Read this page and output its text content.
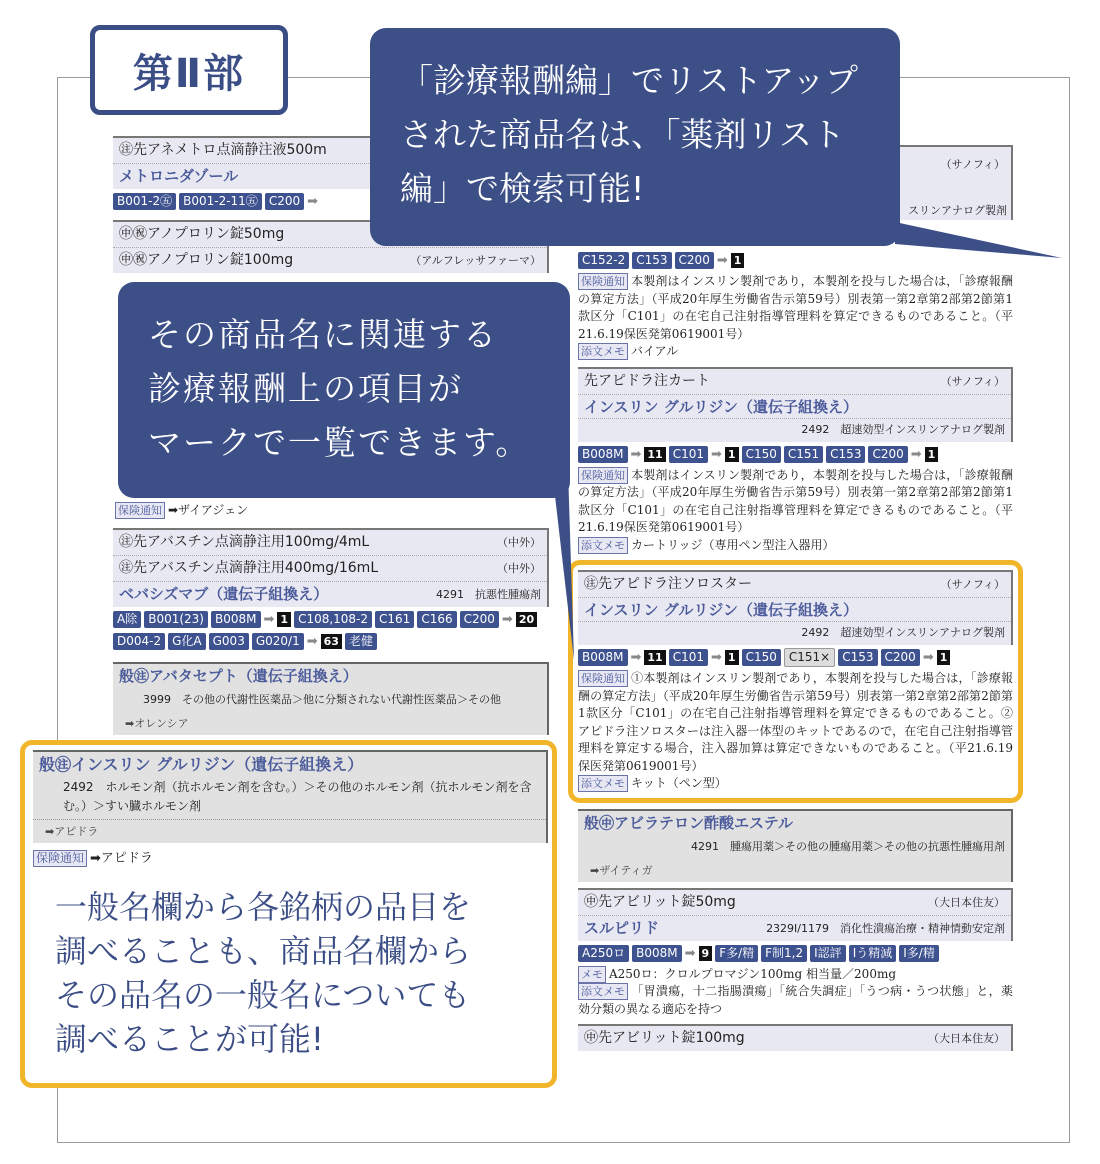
㊟先アネメトロ点滴静注液500m
メトロニダゾール
B001-2㊄ B001-2-11㊄ C200 ➡
㊥㊗アノプロリン錠50mg
㊥㊗アノプロリン錠100mg	（アルフレッサファーマ）
保険通知 ➡ザイアジェン
㊟先アバスチン点滴静注用100mg/4mL	（中外）
㊟先アバスチン点滴静注用400mg/16mL	（中外）
ベバシズマブ（遺伝子組換え）	4291　抗悪性腫瘍剤
A除 B001(23) B008M ➡ 1 C108,108-2 C161 C166 C200 ➡ 20
D004-2 G化A G003 G020/1 ➡ 63 老健
般㊟アバタセプト（遺伝子組換え）
3999　その他の代謝性医薬品＞他に分類されない代謝性医薬品＞その他
➡オレンシア
般㊟インスリン グルリジン（遺伝子組換え）
2492　ホルモン剤（抗ホルモン剤を含む。）＞その他のホルモン剤（抗ホルモン剤を含む。）＞すい臓ホルモン剤
➡アピドラ
保険通知 ➡アピドラ
一般名欄から各銘柄の品目を
調べることも、商品名欄から
その品名の一般名についても
調べることが可能!
（サノフィ）
スリンアナログ製剤
C152-2 C153 C200 ➡ 1
保険通知 本製剤はインスリン製剤であり，本製剤を投与した場合は，「診療報酬の算定方法」（平成20年厚生労働省告示第59号）別表第一第2章第2部第2節第1款区分「C101」の在宅自己注射指導管理料を算定できるものであること。（平21.6.19保医発第0619001号）
添文メモ バイアル
先アピドラ注カート	（サノフィ）
インスリン グルリジン（遺伝子組換え）
2492　超速効型インスリンアナログ製剤
B008M ➡ 11 C101 ➡ 1 C150 C151 C153 C200 ➡ 1
保険通知 本製剤はインスリン製剤であり，本製剤を投与した場合は，「診療報酬の算定方法」（平成20年厚生労働省告示第59号）別表第一第2章第2部第2節第1款区分「C101」の在宅自己注射指導管理料を算定できるものであること。（平21.6.19保医発第0619001号）
添文メモ カートリッジ（専用ペン型注入器用）
㊟先アピドラ注ソロスター	（サノフィ）
インスリン グルリジン（遺伝子組換え）
2492　超速効型インスリンアナログ製剤
B008M ➡ 11 C101 ➡ 1 C150	C151×	C153 C200 ➡ 1
保険通知 ①本製剤はインスリン製剤であり，本製剤を投与した場合は，「診療報酬の算定方法」（平成20年厚生労働省告示第59号）別表第一第2章第2部第2節第1款区分「C101」の在宅自己注射指導管理料を算定できるものであること。②アピドラ注ソロスターは注入器一体型のキットであるので，在宅自己注射指導管理料を算定する場合，注入器加算は算定できないものであること。（平21.6.19保医発第0619001号）
添文メモ キット（ペン型）
般㊥アビラテロン酢酸エステル
4291　腫瘍用薬＞その他の腫瘍用薬＞その他の抗悪性腫瘍用剤
➡ザイティガ
㊥先アビリット錠50mg	（大日本住友）
スルピリド	2329I/1179　消化性潰瘍治療・精神情動安定剤
A250ロ B008M ➡ 9 F多/精 F制1,2 I認評 Iう精減 I多/精
メモ A250ロ：クロルプロマジン100mg 相当量／200mg
添文メモ 「胃潰瘍，十二指腸潰瘍」「統合失調症」「うつ病・うつ状態」と，薬効分類の異なる適応を持つ
㊥先アビリット錠100mg	（大日本住友）
「診療報酬編」でリストアップ
された商品名は、「薬剤リスト
編」で検索可能!
その商品名に関連する
診療報酬上の項目が
マークで一覧できます。
第Ⅱ部
